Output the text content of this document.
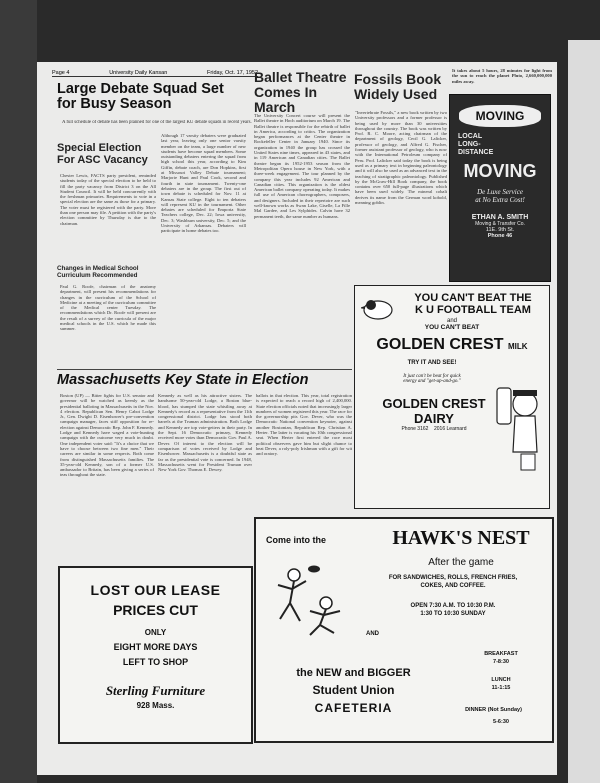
Page 4	University Daily Kansan	Friday, Oct. 17, 1952
Large Debate Squad Set for Busy Season
A full schedule of debate has been planned for one of the largest KU debate squads in recent years.
Although 17 varsity debaters were graduated last year, leaving only one senior varsity member on the team, a large number of new students have become squad members. Some outstanding debaters entering the squad from high school this year, according to Kim Giffin, debate coach, are Don Hopkins, first at Missouri Valley Debate tournament; Marjorie Hunt and Paul Cook, second and fourth in state tournament. Twenty-one debaters are in the group. The first out of town debate is scheduled for Nov. 11 at Kansas State college. Eight to ten debaters will represent KU in the tournament. Other debates are scheduled for Emporia State Teachers college, Dec. 22; Iowa university, Dec. 3; Washburn university, Dec. 5; and the University of Arkansas. Debaters will participate in home debates too.
Special Election For ASC Vacancy
Chester Lewis, FACTS party president, reminded students today of the special election to be held to fill the party vacancy from District 3 on the All Student Council. It will be held concurrently with the freshman primaries. Requirements to vote in a special election are the same as those for a primary. The voter must be registered with the party. More than one person may file. A petition with the party's election committee by Thursday is due to the chairman.
Changes in Medical School Curriculum Recommended
Paul G. Roofe, chairman of the anatomy department, will present his recommendations for changes in the curriculum of the School of Medicine at a meeting of the curriculum committee of the Medical center Tuesday. The recommendations which Dr. Roofe will present are the result of a survey of the curricula of the major medical schools in the U.S. which he made this summer.
Ballet Theatre Comes In March
The University Concert course will present the Ballet theatre in Hoch auditorium on March 19. The Ballet theatre is responsible for the rebirth of ballet in America, according to critics. The organization began performances at the Center theatre in Rockefeller Center in January 1940. Since its organization in 1940 the group has crossed the United States nine times, appeared in 43 states, and in 119 American and Canadian cities. The Ballet theatre began its 1952-1953 season from the Metropolitan Opera house in New York, with a three-week engagement. The tour planned by the company this year includes 92 American and Canadian cities. This organization is the oldest American ballet company operating today. It makes full use of American choreographers, composers, and designers. Included in their repertoire are such well-known works as Swan Lake, Giselle, La Fille Mal Gardee, and Les Sylphides. Calvin have 32 permanent teeth, the same number as humans.
Fossils Book Widely Used
"Invertebrate Fossils," a new book written by two University professors and a former professor is being used by more than 30 universities throughout the country. The book was written by Prof. R. C. Moore, acting chairman of the department of geology, Cecil G. Lalicker, professor of geology, and Alfred G. Fischer, former assistant professor of geology, who is now with the International Petroleum company of Peru. Prof. Lalicker said today the book is being used as a primary text in beginning paleontology and it will also be used as an advanced text in the teaching of stratigraphic paleontology. Published by the McGraw-Hill Book company, the book contains over 650 full-page illustrations which have been used widely. The mineral cobalt derives its name from the German word kobold, meaning goblin.
It takes about 5 hours, 28 minutes for light from the sun to reach the planet Pluto, 2,660,000,000 miles away.
Massachusetts Key State in Election
Boston (UP) — Bitter fights for U.S. senator and governor will be watched as keenly as the presidential balloting in Massachusetts in the Nov. 4 election. Republican Sen. Henry Cabot Lodge Jr., Gen. Dwight D. Eisenhower's pre-convention campaign manager, faces stiff opposition for re-election against Democratic Rep. John F. Kennedy. Lodge and Kennedy have waged a vote-hunting campaign with the outcome very much in doubt. One independent voter said: "It's a choice that we have to choose between two fine men." Their careers are similar in some respects. Both come from distinguished Massachusetts families. The 35-year-old Kennedy, son of a former U.S. ambassador to Britain, has been giving a series of teas throughout the state.
Kennedy as well as his attractive sisters. The handsome 50-year-old Lodge, a Boston blue-blood, has stumped the state whistling away at Kennedy's record as a representative from the 11th congressional district. Lodge has stood both barrels at the Truman administration. Both Lodge and Kennedy are top vote-getters in their party. In the Sept. 16 Democratic primary, Kennedy received more votes than Democratic Gov. Paul A. Dever. Of interest to the election will be comparison of votes received by Lodge and Eisenhower. Massachusetts is a doubtful state as far as the presidential vote is concerned. In 1948, Massachusetts went for President Truman over New York Gov. Thomas E. Dewey.
ballots in that election. This year, total registration is expected to reach a record high of 2,400,000. State election officials noted that increasingly larger numbers of women registered this year. The race for the governorship pits Gov. Dever, who was the Democratic National convention keynoter, against another Bostonian, Republican Rep. Christian A. Herter. The latter is vacating his 10th congressional seat. When Herter first entered the race most political observers gave him but slight chance to beat Dever, a roly-poly Irishman with a gift for wit and oratory.
MOVING
LOCAL
LONG-
DISTANCE
MOVING
De Luxe Service
at No Extra Cost!
ETHAN A. SMITH
Moving & Transfer Co.
11E. 9th St.
Phone 46
YOU CAN'T BEAT THE
K U FOOTBALL TEAM
and
YOU CAN'T BEAT
GOLDEN CREST MILK
TRY IT AND SEE!
It just can't be beat for quick
energy and "get-up-and-go."
GOLDEN CREST
DAIRY
Phone 3162 2016 Learnard
LOST OUR LEASE
PRICES CUT
ONLY
EIGHT MORE DAYS
LEFT TO SHOP
Sterling Furniture
928 Mass.
Come into the	HAWK'S NEST
After the game
FOR SANDWICHES, ROLLS, FRENCH FRIES,
COKES, AND COFFEE.
OPEN 7:30 A.M. TO 10:30 P.M.
1:30 TO 10:30 SUNDAY
AND
BREAKFAST
7-8:30
LUNCH
11-1:15
DINNER (Not Sunday)
5-6:30
the NEW and BIGGER
Student Union
CAFETERIA
